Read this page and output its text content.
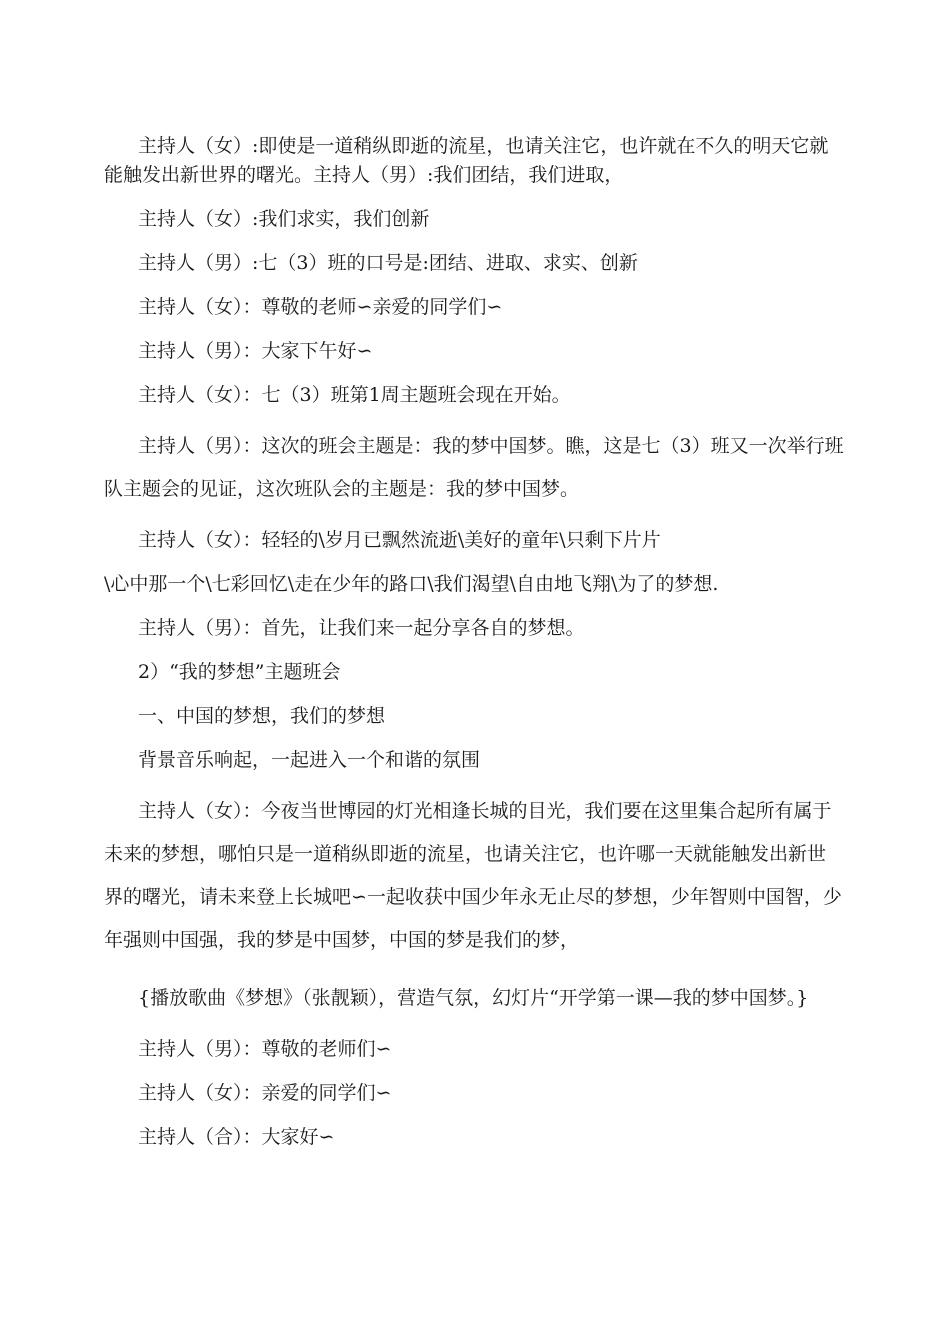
主持人（女）:即使是一道稍纵即逝的流星，也请关注它，也许就在不久的明天它就能触发出新世界的曙光。主持人（男）:我们团结，我们进取，

主持人（女）:我们求实，我们创新

主持人（男）:七（3）班的口号是:团结、进取、求实、创新

主持人（女）：尊敬的老师∽亲爱的同学们∽

主持人（男）：大家下午好∽

主持人（女）：七（3）班第1周主题班会现在开始。

主持人（男）：这次的班会主题是：我的梦中国梦。瞧，这是七（3）班又一次举行班队主题会的见证，这次班队会的主题是：我的梦中国梦。

主持人（女）：轻轻的\岁月已飘然流逝\美好的童年\只剩下片片

\心中那一个\七彩回忆\走在少年的路口\我们渴望\自由地飞翔\为了的梦想.

主持人（男）：首先，让我们来一起分享各自的梦想。

2）“我的梦想”主题班会

一、中国的梦想，我们的梦想

背景音乐响起，一起进入一个和谐的氛围

主持人（女）：今夜当世博园的灯光相逢长城的目光，我们要在这里集合起所有属于未来的梦想，哪怕只是一道稍纵即逝的流星，也请关注它，也许哪一天就能触发出新世界的曙光，请未来登上长城吧∽一起收获中国少年永无止尽的梦想，少年智则中国智，少年强则中国强，我的梦是中国梦，中国的梦是我们的梦，

{播放歌曲《梦想》（张靓颖），营造气氛，幻灯片“开学第一课—我的梦中国梦。}

主持人（男）：尊敬的老师们∽

主持人（女）：亲爱的同学们∽

主持人（合）：大家好∽
